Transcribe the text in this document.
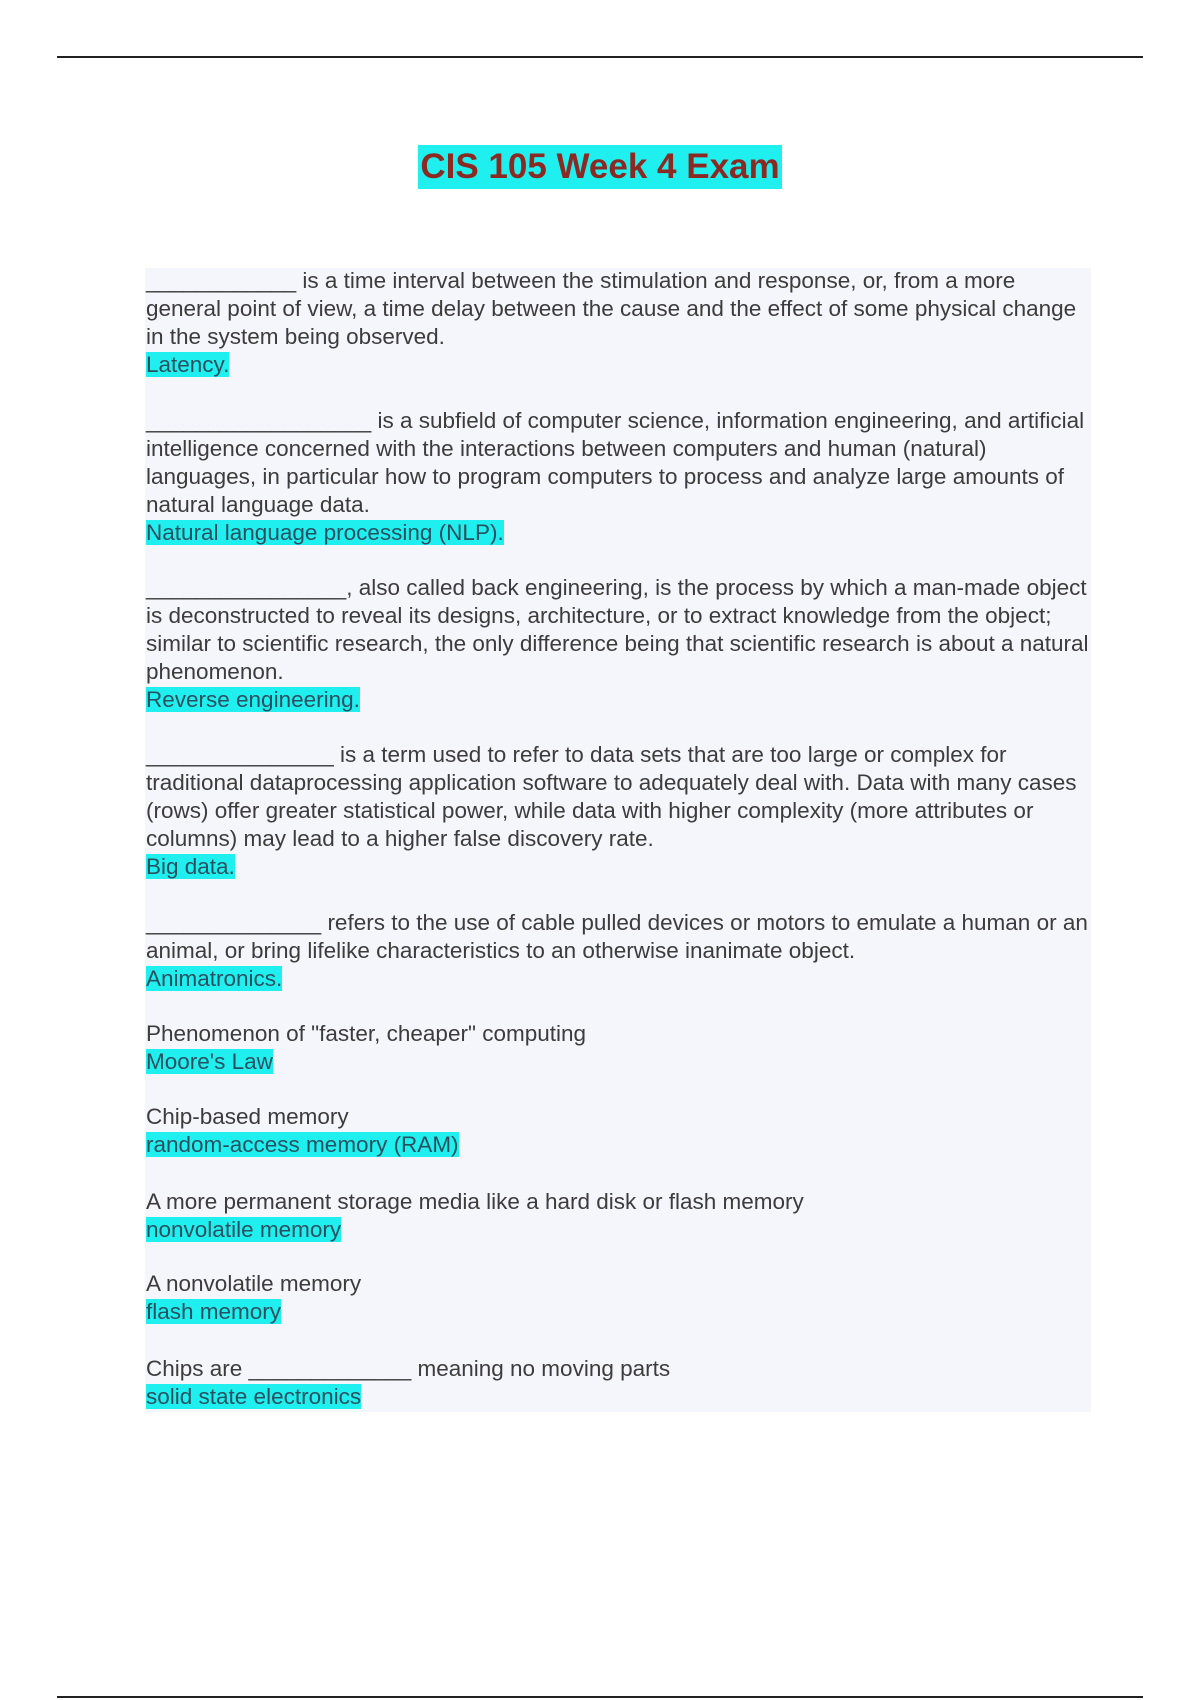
CIS 105 Week 4 Exam
____________ is a time interval between the stimulation and response, or, from a more general point of view, a time delay between the cause and the effect of some physical change in the system being observed.
Latency.
__________________ is a subfield of computer science, information engineering, and artificial intelligence concerned with the interactions between computers and human (natural) languages, in particular how to program computers to process and analyze large amounts of natural language data.
Natural language processing (NLP).
________________, also called back engineering, is the process by which a man-made object is deconstructed to reveal its designs, architecture, or to extract knowledge from the object; similar to scientific research, the only difference being that scientific research is about a natural phenomenon.
Reverse engineering.
_______________ is a term used to refer to data sets that are too large or complex for traditional dataprocessing application software to adequately deal with. Data with many cases (rows) offer greater statistical power, while data with higher complexity (more attributes or columns) may lead to a higher false discovery rate.
Big data.
______________ refers to the use of cable pulled devices or motors to emulate a human or an animal, or bring lifelike characteristics to an otherwise inanimate object.
Animatronics.
Phenomenon of "faster, cheaper" computing
Moore's Law
Chip-based memory
random-access memory (RAM)
A more permanent storage media like a hard disk or flash memory
nonvolatile memory
A nonvolatile memory
flash memory
Chips are _____________ meaning no moving parts
solid state electronics
